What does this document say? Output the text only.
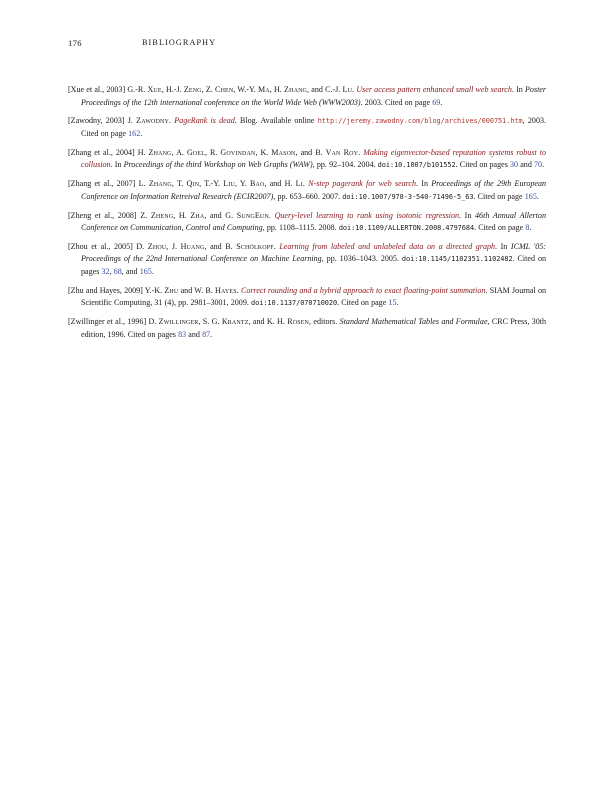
176	BIBLIOGRAPHY
[Xue et al., 2003] G.-R. Xue, H.-J. Zeng, Z. Chen, W.-Y. Ma, H. Zhang, and C.-J. Lu. User access pattern enhanced small web search. In Poster Proceedings of the 12th international conference on the World Wide Web (WWW2003). 2003. Cited on page 69.
[Zawodny, 2003] J. Zawodny. PageRank is dead. Blog. Available online http://jeremy.zawodny.com/blog/archives/000751.htm, 2003. Cited on page 162.
[Zhang et al., 2004] H. Zhang, A. Goel, R. Govindan, K. Mason, and B. Van Roy. Making eigenvector-based reputation systems robust to collusion. In Proceedings of the third Workshop on Web Graphs (WAW), pp. 92–104. 2004. doi:10.1007/b101552. Cited on pages 30 and 70.
[Zhang et al., 2007] L. Zhang, T. Qin, T.-Y. Liu, Y. Bao, and H. Li. N-step pagerank for web search. In Proceedings of the 29th European Conference on Information Retreival Research (ECIR2007), pp. 653–660. 2007. doi:10.1007/978-3-540-71496-5_63. Cited on page 165.
[Zheng et al., 2008] Z. Zheng, H. Zha, and G. SungEun. Query-level learning to rank using isotonic regression. In 46th Annual Allerton Conference on Communication, Control and Computing, pp. 1108–1115. 2008. doi:10.1109/ALLERTON.2008.4797684. Cited on page 8.
[Zhou et al., 2005] D. Zhou, J. Huang, and B. Schölkopf. Learning from labeled and unlabeled data on a directed graph. In ICML '05: Proceedings of the 22nd International Conference on Machine Learning, pp. 1036–1043. 2005. doi:10.1145/1102351.1102482. Cited on pages 32, 68, and 165.
[Zhu and Hayes, 2009] Y.-K. Zhu and W. B. Hayes. Correct rounding and a hybrid approach to exact floating-point summation. SIAM Journal on Scientific Computing, 31 (4), pp. 2981–3001, 2009. doi:10.1137/070710020. Cited on page 15.
[Zwillinger et al., 1996] D. Zwillinger, S. G. Krantz, and K. H. Rosen, editors. Standard Mathematical Tables and Formulae, CRC Press, 30th edition, 1996. Cited on pages 83 and 87.
